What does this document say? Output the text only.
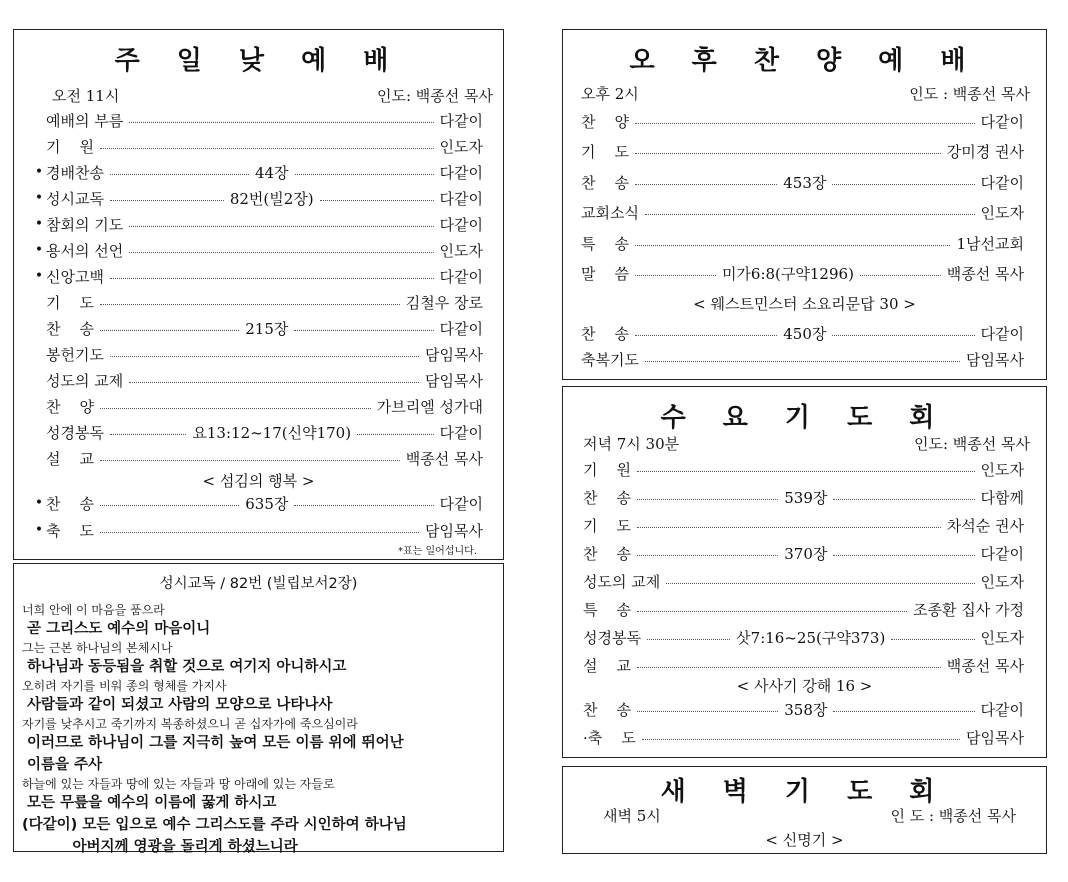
주 일 낮 예 배
오전 11시	인도: 백종선 목사
예배의 부름	다같이
기    원	인도자
• 경배찬송	44장	다같이
• 성시교독	82번(빌2장)	다같이
• 참회의 기도	다같이
• 용서의 선언	인도자
• 신앙고백	다같이
기    도	김철우 장로
찬    송	215장	다같이
봉헌기도	담임목사
성도의 교제	담임목사
찬    양	가브리엘 성가대
성경봉독	요13:12~17(신약170)	다같이
설    교	백종선 목사
< 섬김의 행복 >
• 찬    송	635장	다같이
• 축    도	담임목사
*표는 일어섭니다.
성시교독 / 82번 (빌립보서2장)
너희 안에 이 마음을 품으라
곧 그리스도 예수의 마음이니
그는 근본 하나님의 본체시나
하나님과 동등됨을 취할 것으로 여기지 아니하시고
오히려 자기를 비워 종의 형체를 가지사
사람들과 같이 되셨고 사람의 모양으로 나타나사
자기를 낮추시고 죽기까지 복종하셨으니 곧 십자가에 죽으심이라
이러므로 하나님이 그를 지극히 높여 모든 이름 위에 뛰어난
이름을 주사
하늘에 있는 자들과 땅에 있는 자들과 땅 아래에 있는 자들로
모든 무릎을 예수의 이름에 꿇게 하시고
(다같이) 모든 입으로 예수 그리스도를 주라 시인하여 하나님
아버지께 영광을 돌리게 하셨느니라
오 후 찬 양 예 배
오후 2시	인도 : 백종선 목사
찬    양	다같이
기    도	강미경 권사
찬    송	453장	다같이
교회소식	인도자
특    송	1남선교회
말    씀	미가6:8(구약1296)	백종선 목사
< 웨스트민스터 소요리문답 30 >
찬    송	450장	다같이
축복기도	담임목사
수 요 기 도 회
저녁 7시 30분	인도: 백종선 목사
기    원	인도자
찬    송	539장	다함께
기    도	차석순 권사
찬    송	370장	다같이
성도의 교제	인도자
특    송	조종환 집사 가정
성경봉독	삿7:16~25(구약373)	인도자
설    교	백종선 목사
< 사사기 강해 16 >
찬    송	358장	다같이
·축    도	담임목사
새 벽 기 도 회
새벽 5시	인 도 : 백종선 목사
< 신명기 >
